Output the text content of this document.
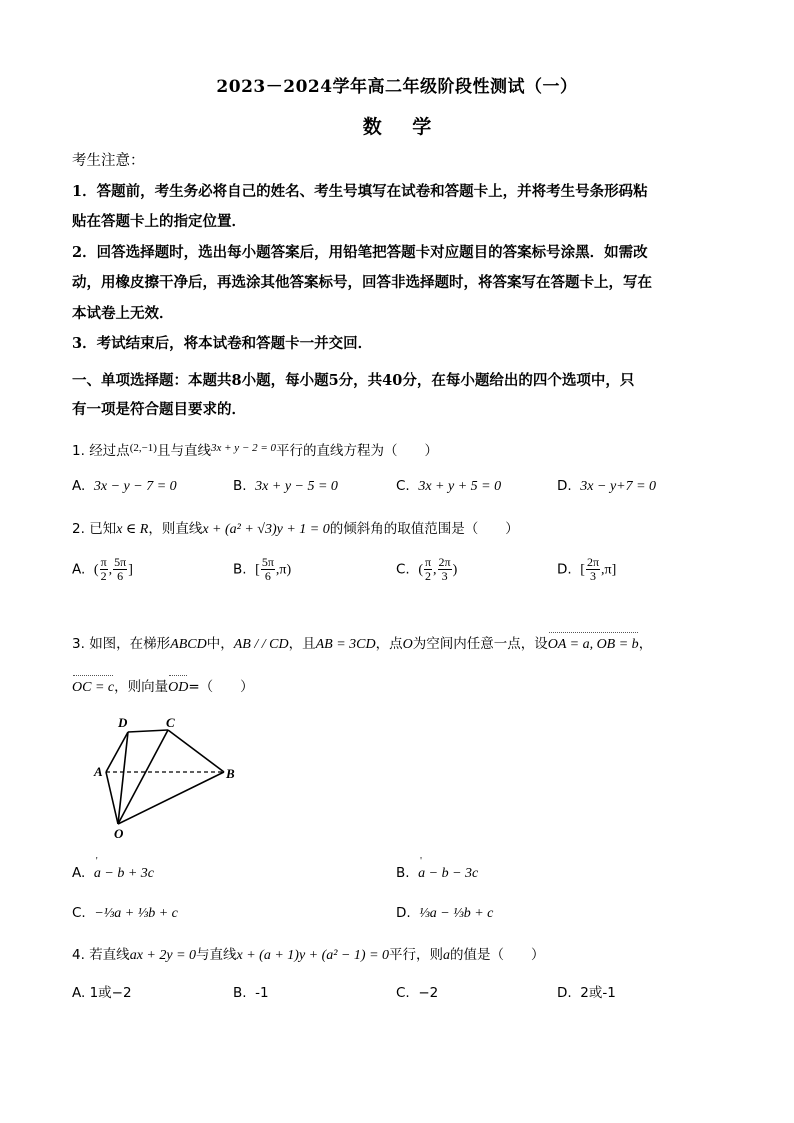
2023－2024学年高二年级阶段性测试（一）
数 学

考生注意：

1．答题前，考生务必将自己的姓名、考生号填写在试卷和答题卡上，并将考生号条形码粘

贴在答题卡上的指定位置．

2．回答选择题时，选出每小题答案后，用铅笔把答题卡对应题目的答案标号涂黑．如需改

动，用橡皮擦干净后，再选涂其他答案标号，回答非选择题时，将答案写在答题卡上，写在

本试卷上无效．

3．考试结束后，将本试卷和答题卡一并交回．

一、单项选择题：本题共8小题，每小题5分，共40分，在每小题给出的四个选项中，只
有一项是符合题目要求的．
1. 经过点$^{(2,-1)}$且与直线$^{3x + y - 2 = 0}$平行的直线方程为（　　）
A. 3x − y − 7 = 0	B. 3x + y − 5 = 0	C. 3x + y + 5 = 0	D. 3x − y+7 = 0
2. 已知x ∈ R，则直线x + (a² + √3)y + 1 = 0的倾斜角的取值范围是（　　）
A. ( $\frac{\pi}{2}$ , $\frac{5\pi}{6}$ ]	B. [ $\frac{5\pi}{6} ,\pi$)	C. ( $\frac{\pi}{2}$ , $\frac{2\pi}{3}$ )	D. [ $\frac{2\pi}{3} ,\pi$]
3. 如图，在梯形ABCD中，AB / / CD，且AB = 3CD，点O为空间内任意一点，设OA = a, OB = b，
OC = c，则向量OD=（　　）
D	C
A	B
O
A. ' a − b + 3c	B. ' a − b − 3c
C. −⅓a + ⅓b + c	D. ⅓a − ⅓b + c
4. 若直线ax + 2y = 0与直线x + (a + 1)y + (a² − 1) = 0平行，则a的值是（　　）
A. 1或−2	B. -1	C. −2	D. 2或-1
